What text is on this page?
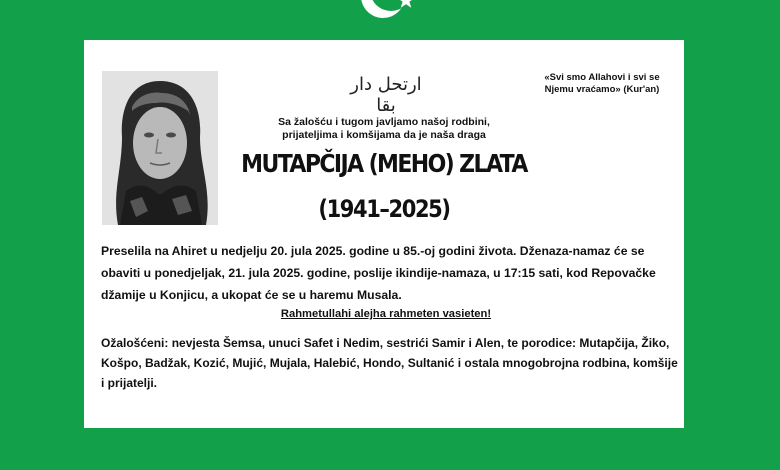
ارتحل دار بقا
«Svi smo Allahovi i svi se
Njemu vraćamo» (Kur'an)
Sa žalošću i tugom javljamo našoj rodbini,
prijateljima i komšijama da je naša draga
MUTAPČIJA (MEHO) ZLATA
(1941–2025)
Preselila na Ahiret u nedjelju 20. jula 2025. godine u 85.-oj godini života. Dženaza-namaz će se obaviti u ponedjeljak, 21. jula 2025. godine, poslije ikindije-namaza, u 17:15 sati, kod Repovačke džamije u Konjicu, a ukopat će se u haremu Musala.
Rahmetullahi alejha rahmeten vasieten!
Ožalošćeni: nevjesta Šemsa, unuci Safet i Nedim, sestrići Samir i Alen, te porodice: Mutapčija, Žiko, Košpo, Badžak, Kozić, Mujić, Mujala, Halebić, Hondo, Sultanić i ostala mnogobrojna rodbina, komšije i prijatelji.
